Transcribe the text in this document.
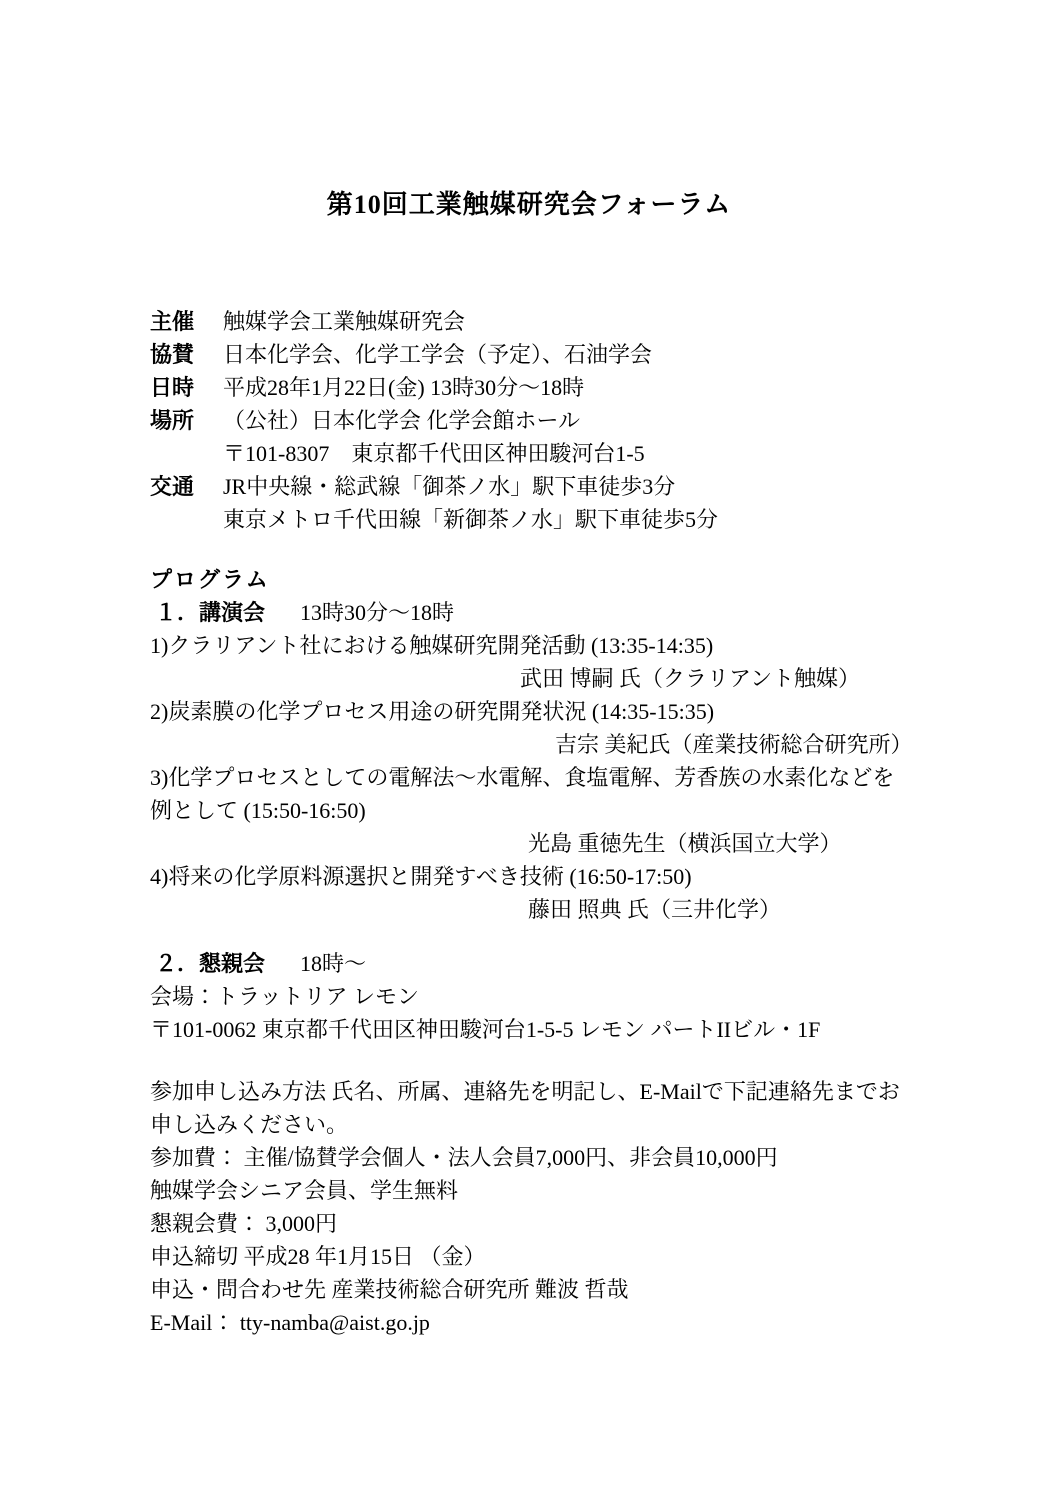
第10回工業触媒研究会フォーラム
主催	触媒学会工業触媒研究会
協賛	日本化学会、化学工学会（予定）、石油学会
日時	平成28年1月22日(金) 13時30分～18時
場所	（公社）日本化学会 化学会館ホール
〒101-8307　東京都千代田区神田駿河台1-5
交通	JR中央線・総武線「御茶ノ水」駅下車徒歩3分
東京メトロ千代田線「新御茶ノ水」駅下車徒歩5分
プログラム
１．講演会 13時30分～18時
1)クラリアント社における触媒研究開発活動 (13:35-14:35)
武田 博嗣 氏（クラリアント触媒）
2)炭素膜の化学プロセス用途の研究開発状況 (14:35-15:35)
吉宗 美紀氏（産業技術総合研究所）
3)化学プロセスとしての電解法～水電解、食塩電解、芳香族の水素化などを例として (15:50-16:50)
光島 重徳先生（横浜国立大学）
4)将来の化学原料源選択と開発すべき技術 (16:50-17:50)
藤田 照典 氏（三井化学）
２．懇親会 18時～
会場：トラットリア レモン
〒101-0062 東京都千代田区神田駿河台1-5-5 レモン パートIIビル・1F
参加申し込み方法 氏名、所属、連絡先を明記し、E-Mailで下記連絡先までお申し込みください。
参加費： 主催/協賛学会個人・法人会員7,000円、非会員10,000円
触媒学会シニア会員、学生無料
懇親会費： 3,000円
申込締切 平成28 年1月15日 （金）
申込・問合わせ先 産業技術総合研究所 難波 哲哉
E-Mail： tty-namba@aist.go.jp
